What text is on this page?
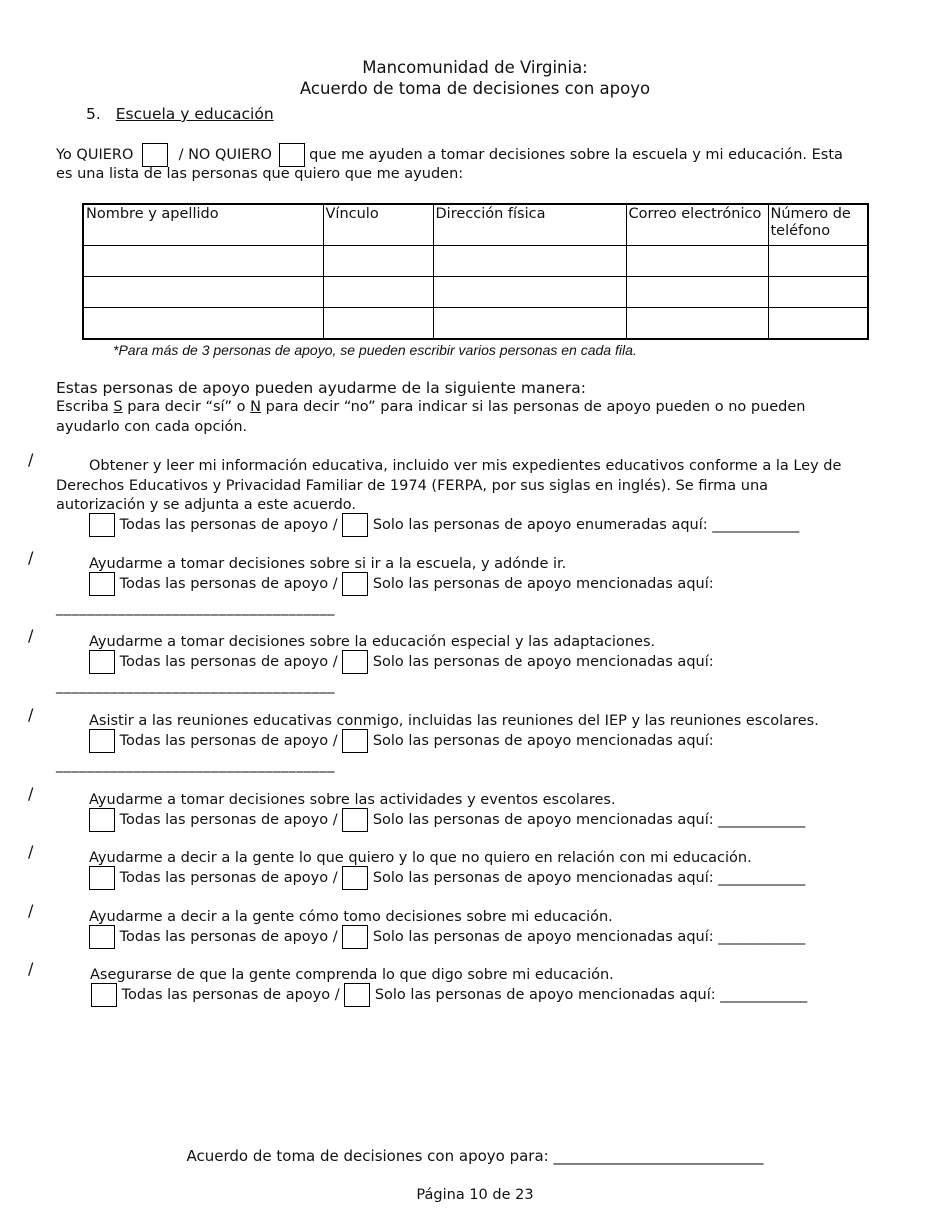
Mancomunidad de Virginia:
Acuerdo de toma de decisiones con apoyo
5. Escuela y educación
Yo QUIERO	/ NO QUIERO	que me ayuden a tomar decisiones sobre la escuela y mi educación. Esta
es una lista de las personas que quiero que me ayuden:
Nombre y apellido	Vínculo	Dirección física	Correo electrónico	Número de teléfono

*Para más de 3 personas de apoyo, se pueden escribir varios personas en cada fila.
Estas personas de apoyo pueden ayudarme de la siguiente manera:
Escriba S para decir “sí” o N para decir “no” para indicar si las personas de apoyo pueden o no pueden
ayudarlo con cada opción.
/	Obtener y leer mi información educativa, incluido ver mis expedientes educativos conforme a la Ley de
Derechos Educativos y Privacidad Familiar de 1974 (FERPA, por sus siglas en inglés). Se firma una
autorización y se adjunta a este acuerdo.
Todas las personas de apoyo / Solo las personas de apoyo enumeradas aquí: ____________
/	Ayudarme a tomar decisiones sobre si ir a la escuela, y adónde ir.
Todas las personas de apoyo / Solo las personas de apoyo mencionadas aquí:
____________________________________
/	Ayudarme a tomar decisiones sobre la educación especial y las adaptaciones.
Todas las personas de apoyo / Solo las personas de apoyo mencionadas aquí:
____________________________________
/	Asistir a las reuniones educativas conmigo, incluidas las reuniones del IEP y las reuniones escolares.
Todas las personas de apoyo / Solo las personas de apoyo mencionadas aquí:
____________________________________
/	Ayudarme a tomar decisiones sobre las actividades y eventos escolares.
Todas las personas de apoyo / Solo las personas de apoyo mencionadas aquí: ____________
/	Ayudarme a decir a la gente lo que quiero y lo que no quiero en relación con mi educación.
Todas las personas de apoyo / Solo las personas de apoyo mencionadas aquí: ____________
/	Ayudarme a decir a la gente cómo tomo decisiones sobre mi educación.
Todas las personas de apoyo / Solo las personas de apoyo mencionadas aquí: ____________
/	Asegurarse de que la gente comprenda lo que digo sobre mi educación.
Todas las personas de apoyo / Solo las personas de apoyo mencionadas aquí: ____________
Acuerdo de toma de decisiones con apoyo para: ____________________________
Página 10 de 23
